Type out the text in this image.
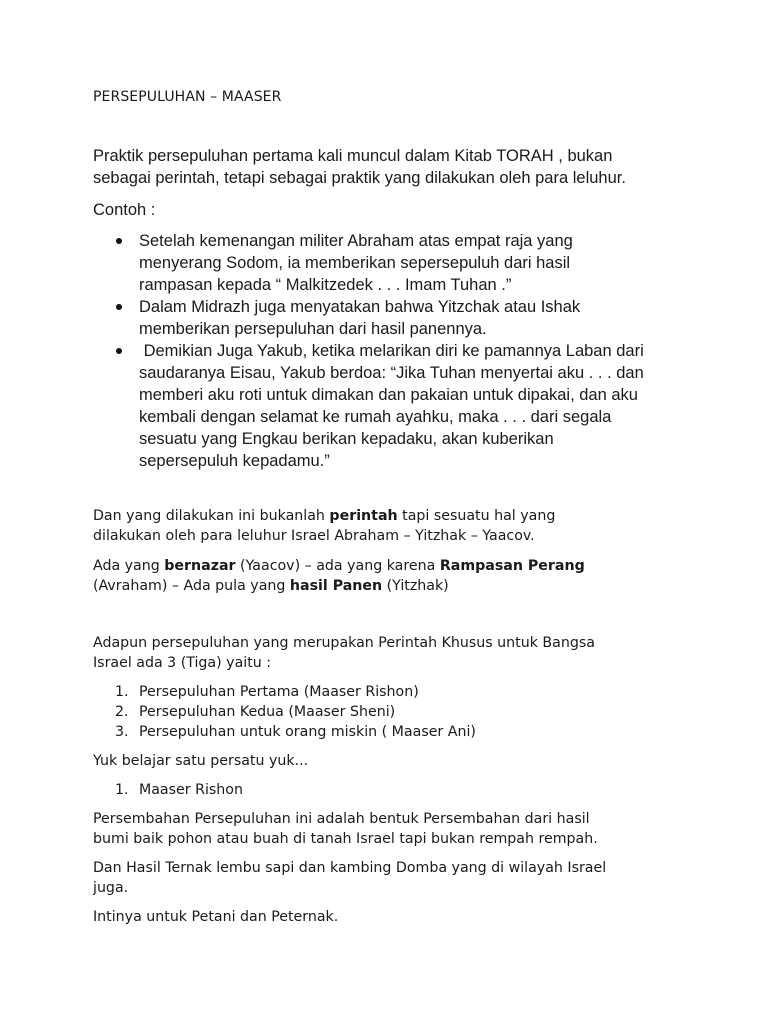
PERSEPULUHAN – MAASER

Praktik persepuluhan pertama kali muncul dalam Kitab TORAH , bukan sebagai perintah, tetapi sebagai praktik yang dilakukan oleh para leluhur.

Contoh :

Setelah kemenangan militer Abraham atas empat raja yang
menyerang Sodom, ia memberikan sepersepuluh dari hasil
rampasan kepada “ Malkitzedek . . . Imam Tuhan .”
Dalam Midrazh juga menyatakan bahwa Yitzchak atau Ishak
memberikan persepuluhan dari hasil panennya.
Demikian Juga Yakub, ketika melarikan diri ke pamannya Laban dari
saudaranya Eisau, Yakub berdoa: “Jika Tuhan menyertai aku . . . dan
memberi aku roti untuk dimakan dan pakaian untuk dipakai, dan aku
kembali dengan selamat ke rumah ayahku, maka . . . dari segala
sesuatu yang Engkau berikan kepadaku, akan kuberikan
sepersepuluh kepadamu.”

Dan yang dilakukan ini bukanlah perintah tapi sesuatu hal yang

dilakukan oleh para leluhur Israel Abraham – Yitzhak – Yaacov.

Ada yang bernazar (Yaacov) – ada yang karena Rampasan Perang

(Avraham) – Ada pula yang hasil Panen (Yitzhak)

Adapun persepuluhan yang merupakan Perintah Khusus untuk Bangsa

Israel ada 3 (Tiga) yaitu :

1. Persepuluhan Pertama (Maaser Rishon)
2. Persepuluhan Kedua (Maaser Sheni)
3. Persepuluhan untuk orang miskin ( Maaser Ani)

Yuk belajar satu persatu yuk...

1. Maaser Rishon

Persembahan Persepuluhan ini adalah bentuk Persembahan dari hasil

bumi baik pohon atau buah di tanah Israel tapi bukan rempah rempah.

Dan Hasil Ternak lembu sapi dan kambing Domba yang di wilayah Israel

juga.

Intinya untuk Petani dan Peternak.
